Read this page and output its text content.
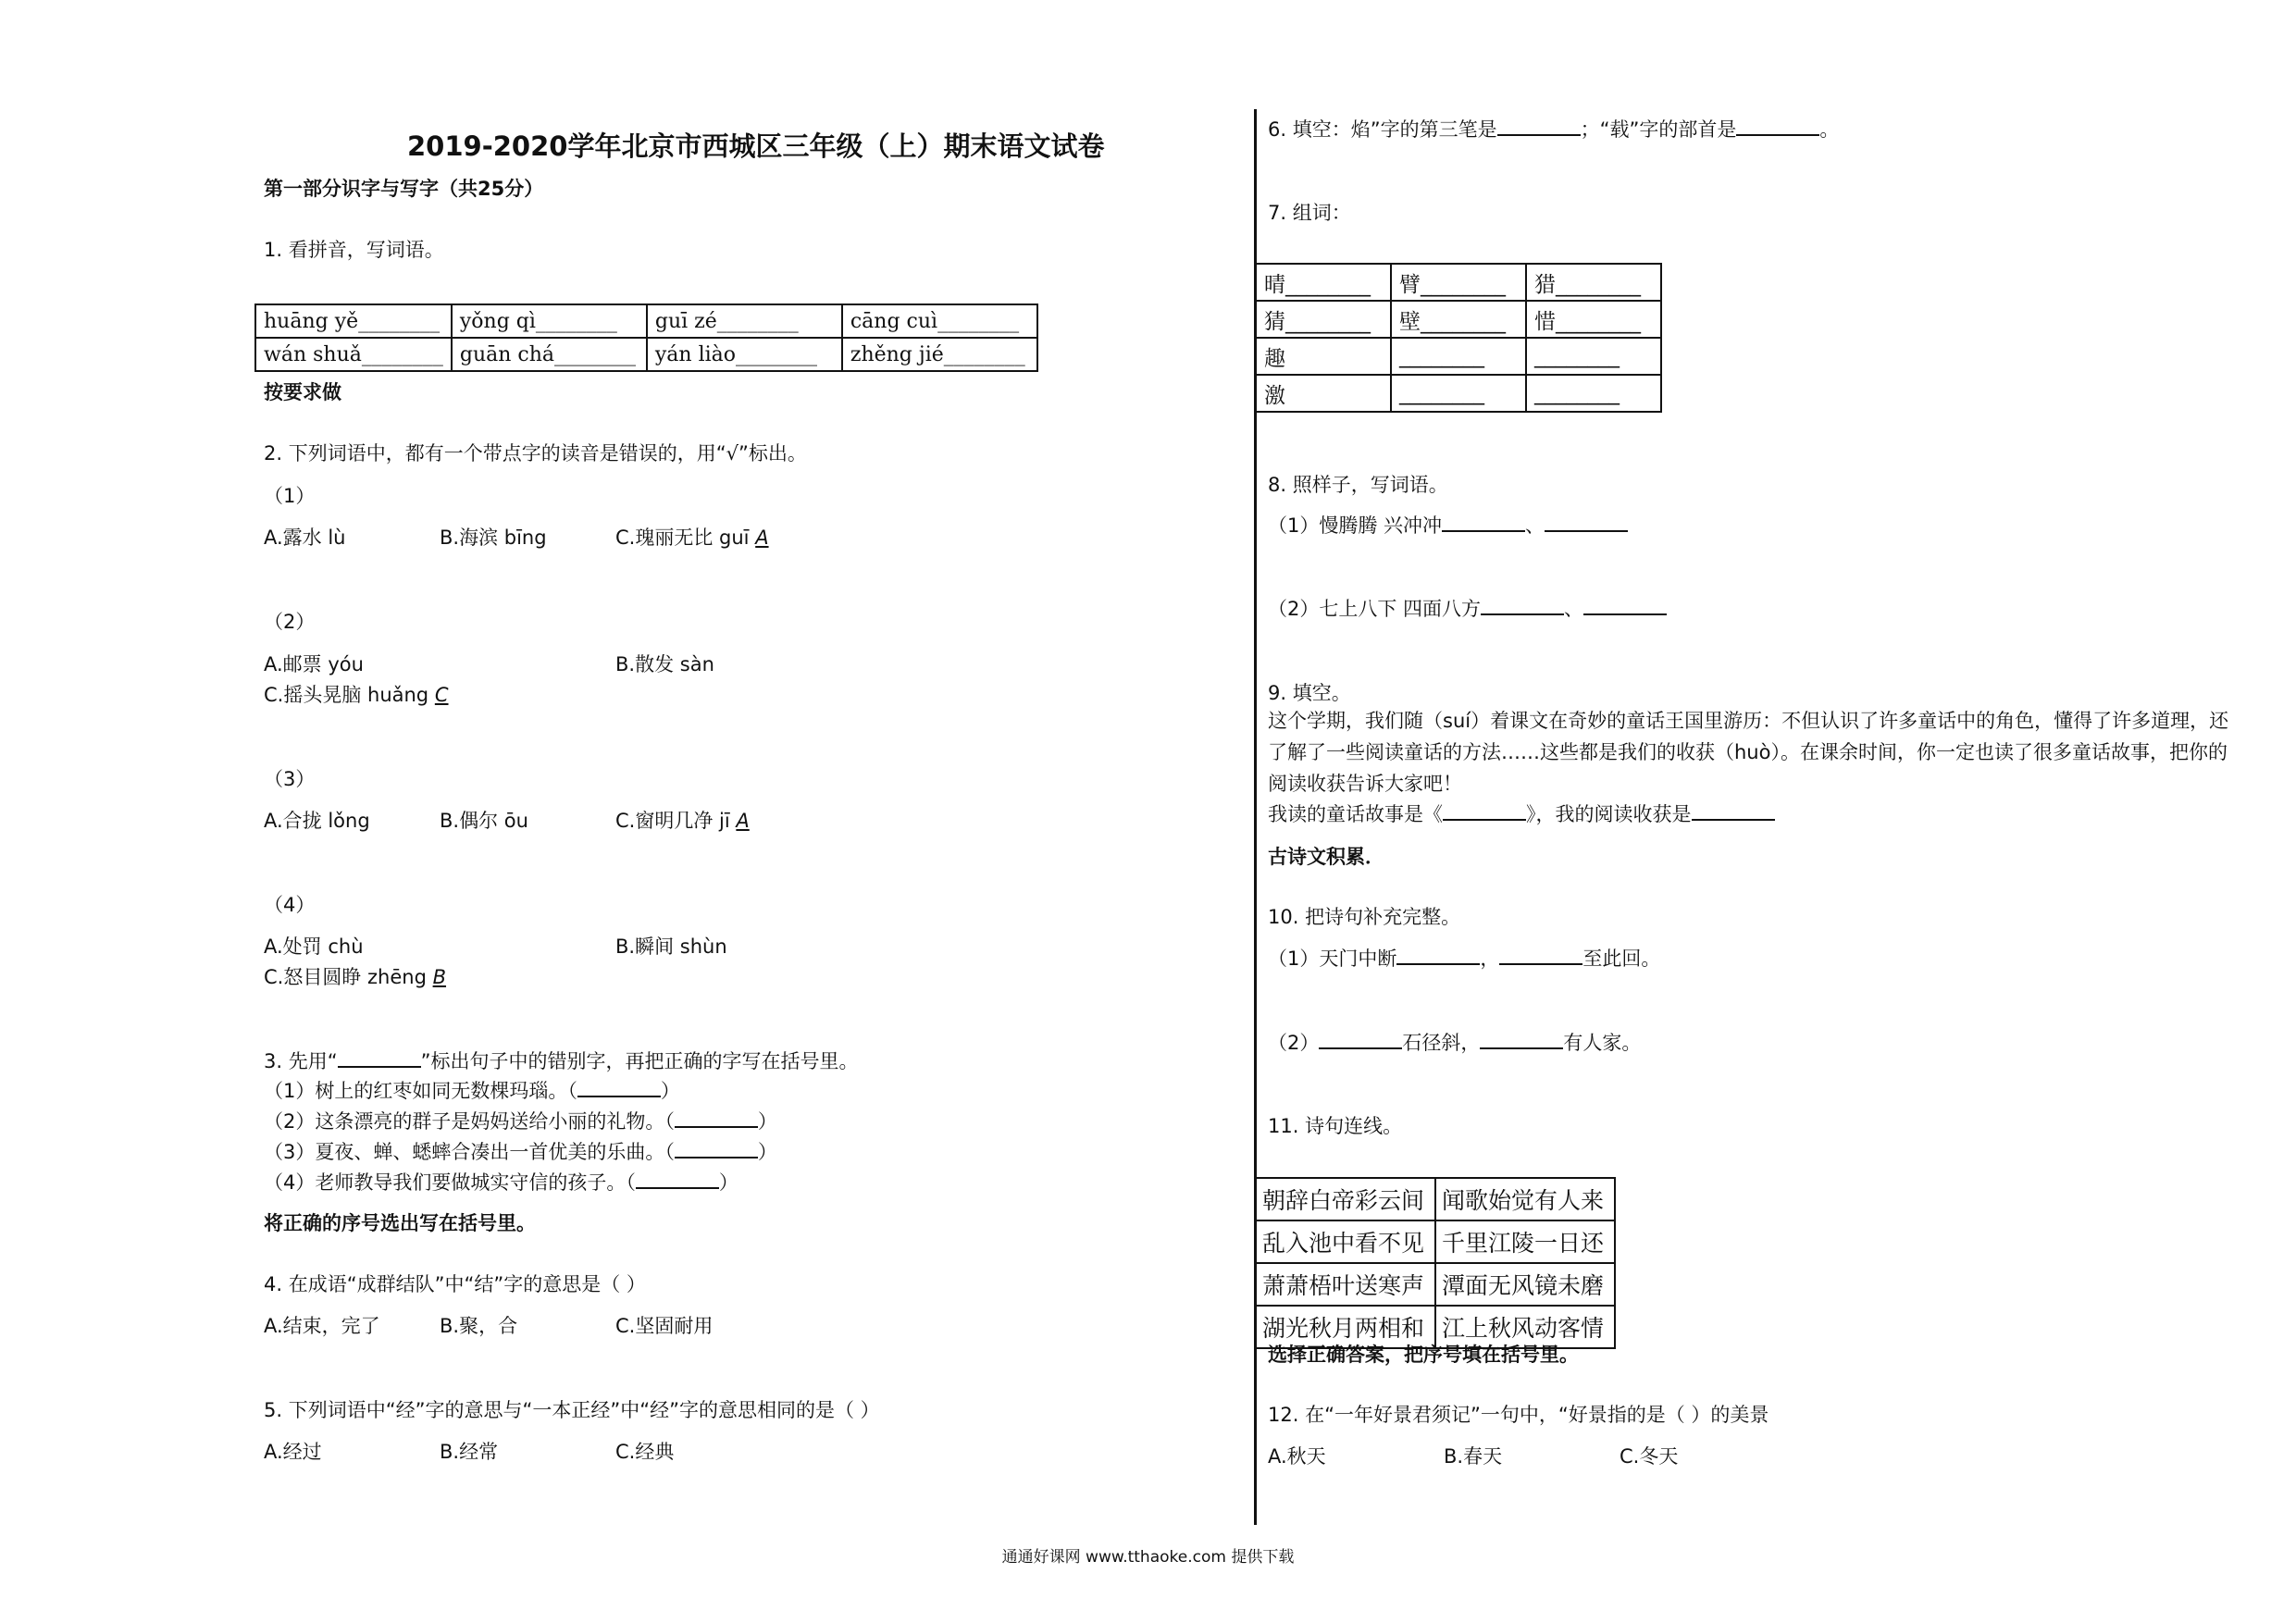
2019-2020学年北京市西城区三年级（上）期末语文试卷
第一部分识字与写字（共25分）
1. 看拼音，写词语。
huāng yě________	yǒng qì________	guī zé________	cāng cuì________
wán shuǎ________	guān chá________	yán liào________	zhěng jié________
按要求做
2. 下列词语中，都有一个带点字的读音是错误的，用“√”标出。
（1）
A.露水 lù	B.海滨 bīng	C.瑰丽无比 guī A
（2）
A.邮票 yóu	B.散发 sàn
C.摇头晃脑 huǎng C
（3）
A.合拢 lǒng	B.偶尔 ōu	C.窗明几净 jī A
（4）
A.处罚 chù	B.瞬间 shùn
C.怒目圆睁 zhēng B
3. 先用“	”标出句子中的错别字，再把正确的字写在括号里。
（1）树上的红枣如同无数棵玛瑙。（	）
（2）这条漂亮的群子是妈妈送给小丽的礼物。（	）
（3）夏夜、蝉、蟋蟀合凑出一首优美的乐曲。（	）
（4）老师教导我们要做城实守信的孩子。（	）
将正确的序号选出写在括号里。
4. 在成语“成群结队”中“结”字的意思是（ ）
A.结束，完了	B.聚，合	C.坚固耐用
5. 下列词语中“经”字的意思与“一本正经”中“经”字的意思相同的是（ ）
A.经过	B.经常	C.经典
6. 填空：焰”字的第三笔是	；“载”字的部首是	。
7. 组词：
晴________	臂________	猎________
猜________	壁________	惜________
趣	________	________
激	________	________
8. 照样子，写词语。
（1）慢腾腾 兴冲冲	、
（2）七上八下 四面八方	、
9. 填空。

这个学期，我们随（suí）着课文在奇妙的童话王国里游历：不但认识了许多童话中的角色，懂得了许多道理，还了解了一些阅读童话的方法……这些都是我们的收获（huò）。在课余时间，你一定也读了很多童话故事，把你的阅读收获告诉大家吧！

我读的童话故事是《	》，我的阅读收获是
古诗文积累．
10. 把诗句补充完整。
（1）天门中断	，	至此回。
（2）	石径斜，	有人家。
11. 诗句连线。
朝辞白帝彩云间	闻歌始觉有人来
乱入池中看不见	千里江陵一日还
萧萧梧叶送寒声	潭面无风镜未磨
湖光秋月两相和	江上秋风动客情
选择正确答案，把序号填在括号里。
12. 在“一年好景君须记”一句中，“好景指的是（ ）的美景
A.秋天	B.春天	C.冬天
通通好课网 www.tthaoke.com 提供下载
